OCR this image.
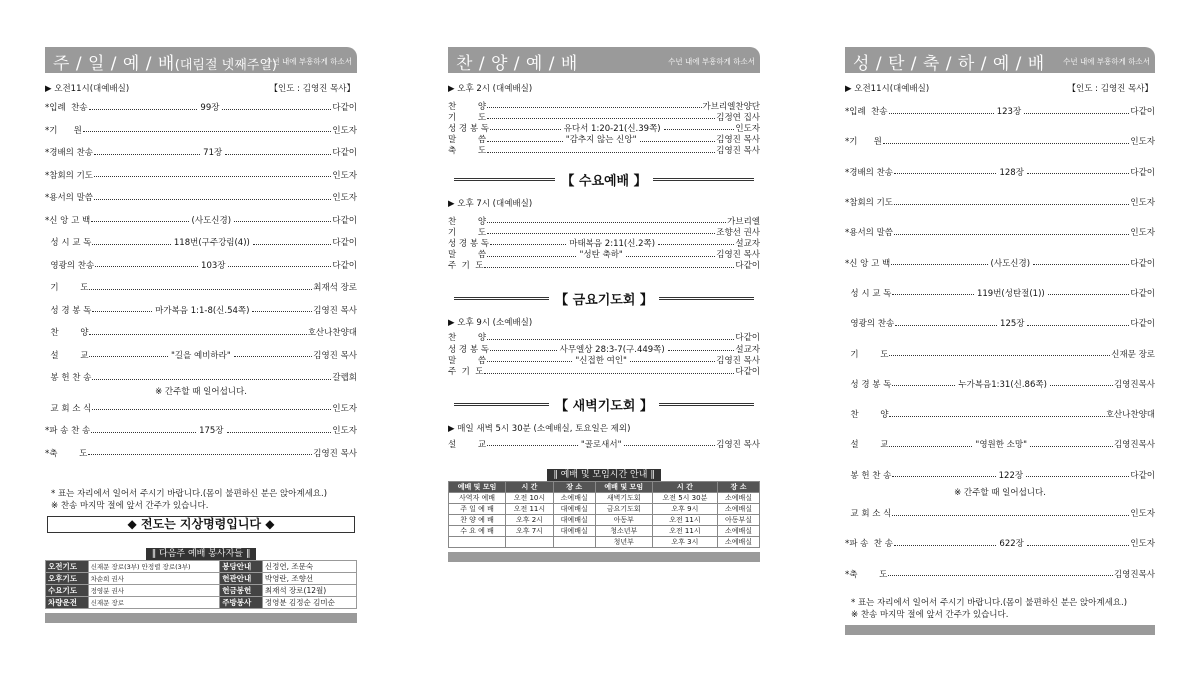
주 / 일 / 예 / 배(대림절 넷째주일)
수년 내에 부흥하게 하소서
▶ 오전11시(대예배실)	【인도 : 김영진 목사】
*입례  찬송	99장	다같이
*기      원	인도자
*경배의 찬송	71장	다같이
*참회의 기도	인도자
*용서의 말씀	인도자
*신 앙 고 백	(사도신경)	다같이
성 시 교 독	118번(구주강림(4))	다같이
영광의 찬송	103장	다같이
기        도	최재석 장로
성 경 봉 독	마가복음 1:1-8(신.54쪽)	김영진 목사
찬        양	호산나찬양대
설        교	"길을 예비하라"	김영진 목사
봉 헌 찬 송	갈렙회
※ 간주할 때 일어섭니다.
교 회 소 식	인도자
*파 송 찬 송	175장	인도자
*축        도	김영진 목사
* 표는 자리에서 일어서 주시기 바랍니다.(몸이 불편하신 분은 앉아계세요.)
※ 찬송 마지막 절에 앞서 간주가 있습니다.
◆ 전도는 지상명령입니다 ◆
∥ 다음주 예배 봉사자들 ∥
오전기도	신재문 장로(3부) 안정렬 장로(3부)	봉당안내	신정연, 조문숙
오후기도	차순희 권사	헌관안내	박영란, 조향선
수요기도	정영분 권사	헌금봉헌	최재석 장로(12월)
차량운전	신재문 장로	주방봉사	정영분 김정순 김미순
찬 / 양 / 예 / 배	수년 내에 부흥하게 하소서
▶ 오후 2시 (대예배실)
찬        양	가브리엘찬양단
기        도	김정연 집사
성 경 봉 독	유다서 1:20-21(신.39쪽)	인도자
말        씀	"감추지 않는 신앙"	김영진 목사
축        도	김영진 목사
【 수요예배 】
▶ 오후 7시 (대예배실)
찬        양	가브리엘
기        도	조향선 권사
성 경 봉 독	마태복음 2:11(신.2쪽)	설교자
말        씀	"성탄 축하"	김영진 목사
주  기  도	다같이
【 금요기도회 】
▶ 오후 9시 (소예배실)
찬        양	다같이
성 경 봉 독	사무엘상 28:3-7(구.449쪽)	설교자
말        씀	"신접한 여인"	김영진 목사
주  기  도	다같이
【 새벽기도회 】
▶ 매일 새벽 5시 30분 (소예배실, 토요일은 제외)
설        교	"골로새서"	김영진 목사
∥ 예배 및 모임시간 안내 ∥
예배 및 모임	시 간	장 소	예배 및 모임	시 간	장 소
사역자 예배	오전 10시	소예배실	새벽기도회	오전 5시 30분	소예배실
주 일 예 배	오전 11시	대예배실	금요기도회	오후 9시	소예배실
찬 양 예 배	오후 2시	대예배실	아동부	오전 11시	아동부실
수 요 예 배	오후 7시	대예배실	청소년부	오전 11시	소예배실
			청년부	오후 3시	소예배실
성 / 탄 / 축 / 하 / 예 / 배 수년 내에 부흥하게 하소서
▶ 오전11시(대예배실)	【인도 : 김영진 목사】
*입례  찬송	123장	다같이
*기      원	인도자
*경배의 찬송	128장	다같이
*참회의 기도	인도자
*용서의 말씀	인도자
*신 앙 고 백	(사도신경)	다같이
성 시 교 독	119번(성탄절(1))	다같이
영광의 찬송	125장	다같이
기        도	신재문 장로
성 경 봉 독	누가복음1:31(신.86쪽)	김영진목사
찬        양	호산나찬양대
설        교	"영원한 소망"	김영진목사
봉 헌 찬 송	122장	다같이
※ 간주할 때 일어섭니다.
교 회 소 식	인도자
*파 송  찬 송	622장	인도자
*축        도	김영진목사
* 표는 자리에서 일어서 주시기 바랍니다.(몸이 불편하신 분은 앉아계세요.)
※ 찬송 마지막 절에 앞서 간주가 있습니다.
